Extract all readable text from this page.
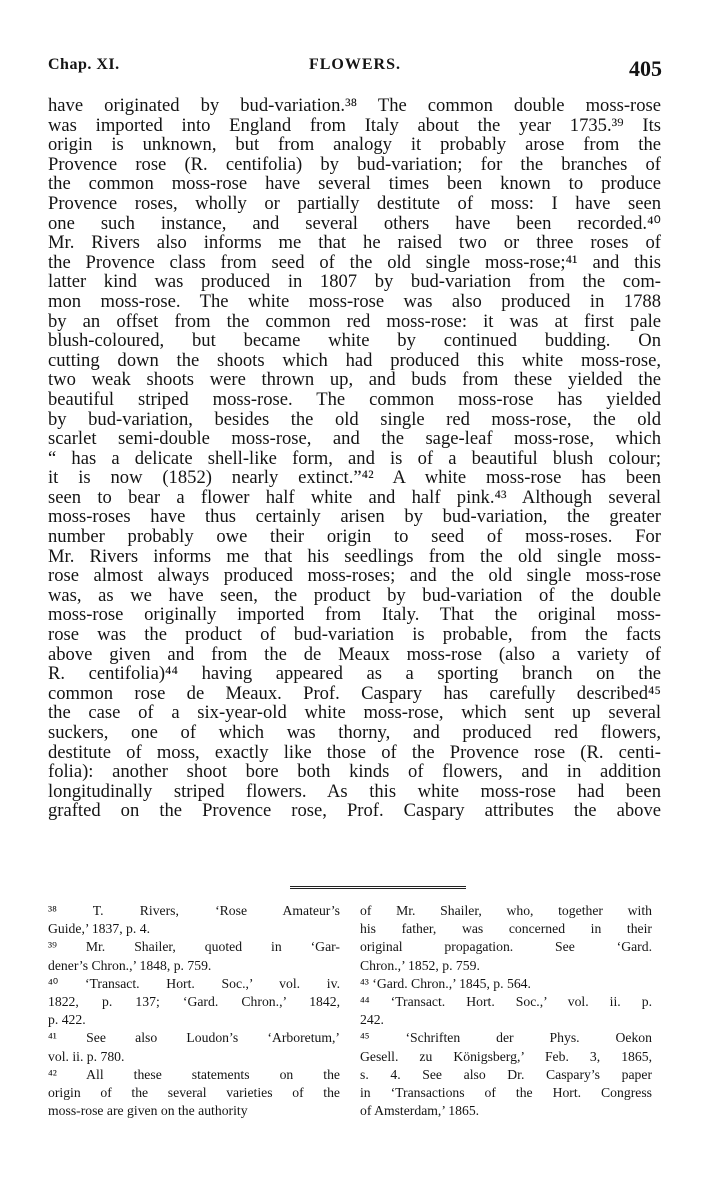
Chap. XI.	FLOWERS.	405
have originated by bud-variation.³⁸ The common double moss-rose
was imported into England from Italy about the year 1735.³⁹ Its
origin is unknown, but from analogy it probably arose from the
Provence rose (R. centifolia) by bud-variation; for the branches of
the common moss-rose have several times been known to produce
Provence roses, wholly or partially destitute of moss: I have seen
one such instance, and several others have been recorded.⁴⁰
Mr. Rivers also informs me that he raised two or three roses of
the Provence class from seed of the old single moss-rose;⁴¹ and this
latter kind was produced in 1807 by bud-variation from the com-
mon moss-rose. The white moss-rose was also produced in 1788
by an offset from the common red moss-rose: it was at first pale
blush-coloured, but became white by continued budding. On
cutting down the shoots which had produced this white moss-rose,
two weak shoots were thrown up, and buds from these yielded the
beautiful striped moss-rose. The common moss-rose has yielded
by bud-variation, besides the old single red moss-rose, the old
scarlet semi-double moss-rose, and the sage-leaf moss-rose, which
“ has a delicate shell-like form, and is of a beautiful blush colour;
it is now (1852) nearly extinct.”⁴² A white moss-rose has been
seen to bear a flower half white and half pink.⁴³ Although several
moss-roses have thus certainly arisen by bud-variation, the greater
number probably owe their origin to seed of moss-roses. For
Mr. Rivers informs me that his seedlings from the old single moss-
rose almost always produced moss-roses; and the old single moss-rose
was, as we have seen, the product by bud-variation of the double
moss-rose originally imported from Italy. That the original moss-
rose was the product of bud-variation is probable, from the facts
above given and from the de Meaux moss-rose (also a variety of
R. centifolia)⁴⁴ having appeared as a sporting branch on the
common rose de Meaux. Prof. Caspary has carefully described⁴⁵
the case of a six-year-old white moss-rose, which sent up several
suckers, one of which was thorny, and produced red flowers,
destitute of moss, exactly like those of the Provence rose (R. centi-
folia): another shoot bore both kinds of flowers, and in addition
longitudinally striped flowers. As this white moss-rose had been
grafted on the Provence rose, Prof. Caspary attributes the above
³⁸ T. Rivers, ‘Rose Amateur’s
Guide,’ 1837, p. 4.
³⁹ Mr. Shailer, quoted in ‘Gar-
dener’s Chron.,’ 1848, p. 759.
⁴⁰ ‘Transact. Hort. Soc.,’ vol. iv.
1822, p. 137; ‘Gard. Chron.,’ 1842,
p. 422.
⁴¹ See also Loudon’s ‘Arboretum,’
vol. ii. p. 780.
⁴² All these statements on the
origin of the several varieties of the
moss-rose are given on the authority
of Mr. Shailer, who, together with
his father, was concerned in their
original propagation. See ‘Gard.
Chron.,’ 1852, p. 759.
⁴³ ‘Gard. Chron.,’ 1845, p. 564.
⁴⁴ ‘Transact. Hort. Soc.,’ vol. ii. p.
242.
⁴⁵ ‘Schriften der Phys. Oekon
Gesell. zu Königsberg,’ Feb. 3, 1865,
s. 4. See also Dr. Caspary’s paper
in ‘Transactions of the Hort. Congress
of Amsterdam,’ 1865.
